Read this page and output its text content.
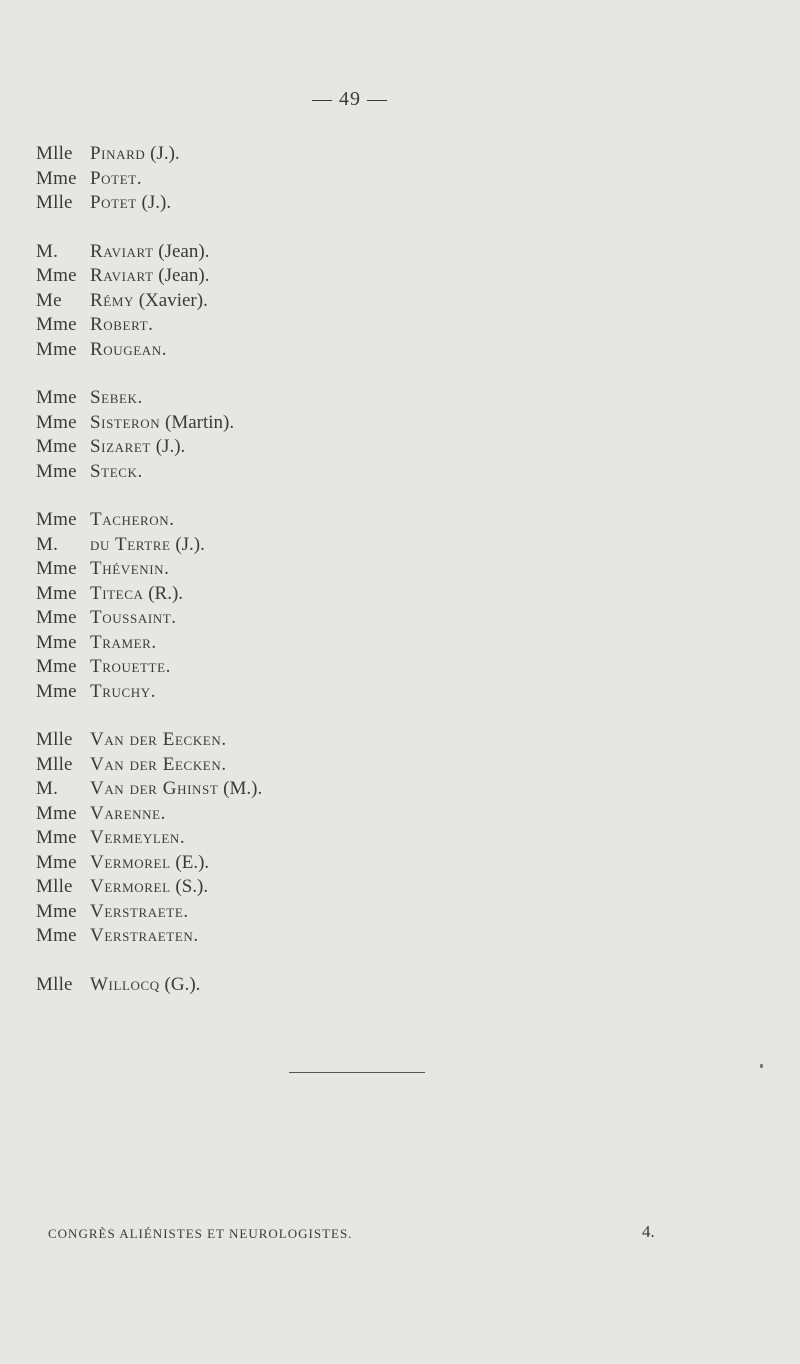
— 49 —
Mlle Pinard (J.).
Mme Potet.
Mlle Potet (J.).
M.	Raviart (Jean).
Mme Raviart (Jean).
Me	Rémy (Xavier).
Mme Robert.
Mme Rougean.
Mme Sebek.
Mme Sisteron (Martin).
Mme Sizaret (J.).
Mme Steck.
Mme Tacheron.
M.	du Tertre (J.).
Mme Thévenin.
Mme Titeca (R.).
Mme Toussaint.
Mme Tramer.
Mme Trouette.
Mme Truchy.
Mlle Van der Eecken.
Mlle Van der Eecken.
M.	Van der Ghinst (M.).
Mme Varenne.
Mme Vermeylen.
Mme Vermorel (E.).
Mlle Vermorel (S.).
Mme Verstraete.
Mme Verstraeten.
Mlle Willocq (G.).
CONGRÈS ALIÉNISTES ET NEUROLOGISTES.	4.
